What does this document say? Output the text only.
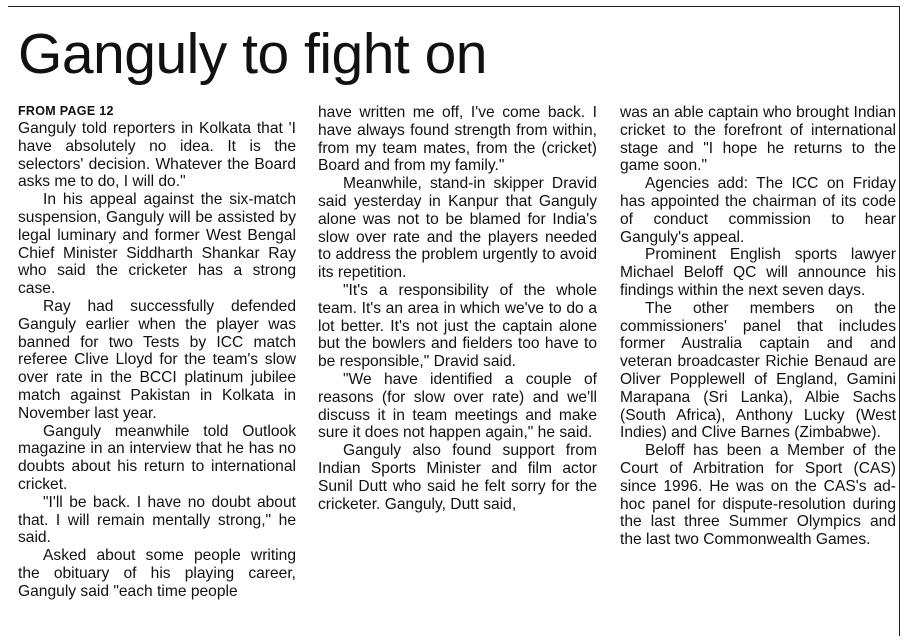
Ganguly to fight on
FROM PAGE 12

Ganguly told reporters in Kolkata that 'I have absolutely no idea. It is the selectors' decision. Whatever the Board asks me to do, I will do."

In his appeal against the six-match suspension, Ganguly will be assisted by legal luminary and former West Bengal Chief Minister Siddharth Shankar Ray who said the cricketer has a strong case.

Ray had successfully defended Ganguly earlier when the player was banned for two Tests by ICC match referee Clive Lloyd for the team's slow over rate in the BCCI platinum jubilee match against Pakistan in Kolkata in November last year.

Ganguly meanwhile told Outlook magazine in an interview that he has no doubts about his return to international cricket.

"I'll be back. I have no doubt about that. I will remain mentally strong," he said.

Asked about some people writing the obituary of his playing career, Ganguly said "each time people

have written me off, I've come back. I have always found strength from within, from my team mates, from the (cricket) Board and from my family."

Meanwhile, stand-in skipper Dravid said yesterday in Kanpur that Ganguly alone was not to be blamed for India's slow over rate and the players needed to address the problem urgently to avoid its repetition.

"It's a responsibility of the whole team. It's an area in which we've to do a lot better. It's not just the captain alone but the bowlers and fielders too have to be responsible," Dravid said.

"We have identified a couple of reasons (for slow over rate) and we'll discuss it in team meetings and make sure it does not happen again," he said.

Ganguly also found support from Indian Sports Minister and film actor Sunil Dutt who said he felt sorry for the cricketer. Ganguly, Dutt said,

was an able captain who brought Indian cricket to the forefront of international stage and "I hope he returns to the game soon."

Agencies add: The ICC on Friday has appointed the chairman of its code of conduct commission to hear Ganguly's appeal.

Prominent English sports lawyer Michael Beloff QC will announce his findings within the next seven days.

The other members on the commissioners' panel that includes former Australia captain and and veteran broadcaster Richie Benaud are Oliver Popplewell of England, Gamini Marapana (Sri Lanka), Albie Sachs (South Africa), Anthony Lucky (West Indies) and Clive Barnes (Zimbabwe).

Beloff has been a Member of the Court of Arbitration for Sport (CAS) since 1996. He was on the CAS's ad-hoc panel for dispute-resolution during the last three Summer Olympics and the last two Commonwealth Games.
